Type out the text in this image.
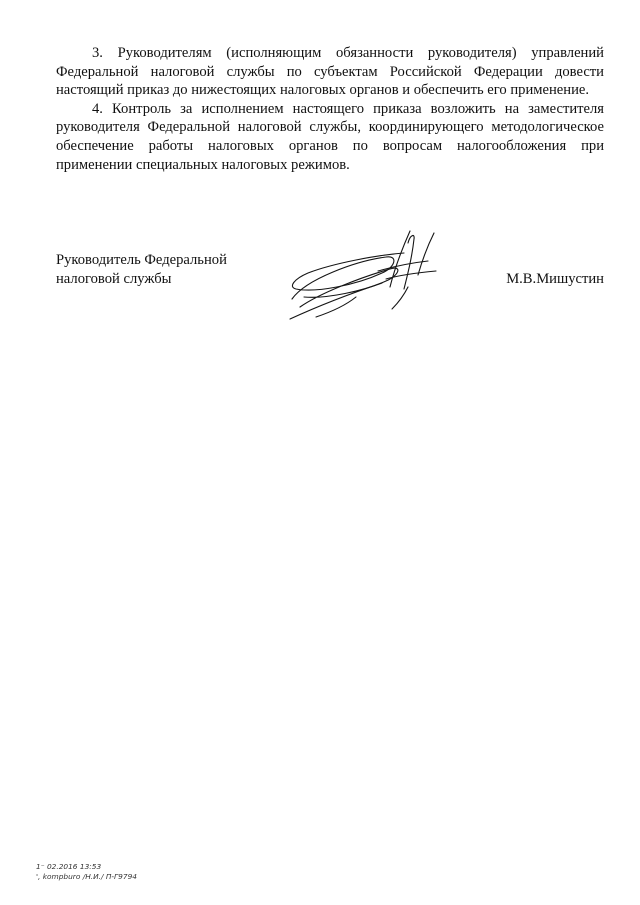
3. Руководителям (исполняющим обязанности руководителя) управлений Федеральной налоговой службы по субъектам Российской Федерации довести настоящий приказ до нижестоящих налоговых органов и обеспечить его применение.

4. Контроль за исполнением настоящего приказа возложить на заместителя руководителя Федеральной налоговой службы, координирующего методологическое обеспечение работы налоговых органов по вопросам налогообложения при применении специальных налоговых режимов.

Руководитель Федеральной
налоговой службы	М.В.Мишустин
1⁻ 02.2016 13:53
', kompburo /Н.И./ П-Г9794
